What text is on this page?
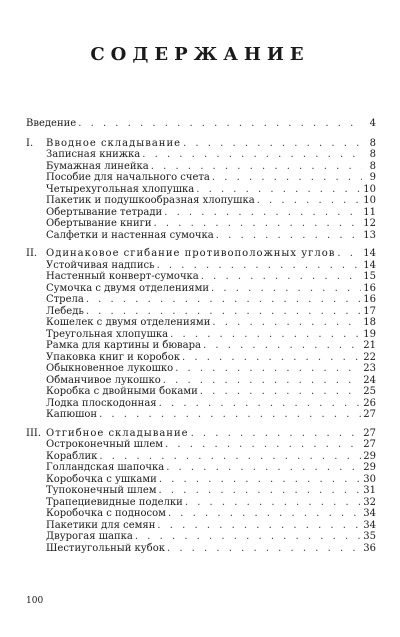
СОДЕРЖАНИЕ
Введение . . .	4
I.	Вводное складывание . . .	8
Записная книжка . . .	8
Бумажная линейка . . .	8
Пособие для начального счета . . .	9
Четырехугольная хлопушка . . .	10
Пакетик и подушкообразная хлопушка . . .	10
Обертывание тетради . . .	11
Обертывание книги . . .	12
Салфетки и настенная сумочка . . .	13
II. Одинаковое сгибание противоположных углов . . .	14
Устойчивая надпись . . .	14
Настенный конверт-сумочка . . .	15
Сумочка с двумя отделениями . . .	16
Стрела . . .	16
Лебедь . . .	17
Кошелек с двумя отделениями . . .	18
Треугольная хлопушка . . .	19
Рамка для картины и бювара . . .	21
Упаковка книг и коробок . . .	22
Обыкновенное лукошко . . .	23
Обманчивое лукошко . . .	24
Коробка с двойными боками . . .	25
Лодка плоскодонная . . .	26
Капюшон . . .	27
III. Отгибное складывание . . .	27
Остроконечный шлем . . .	27
Кораблик . . .	29
Голландская шапочка . . .	29
Коробочка с ушками . . .	30
Тупоконечный шлем . . .	31
Трапециевидные поделки . . .	32
Коробочка с подносом . . .	34
Пакетики для семян . . .	34
Двурогая шапка . . .	35
Шестиугольный кубок . . .	36
100
